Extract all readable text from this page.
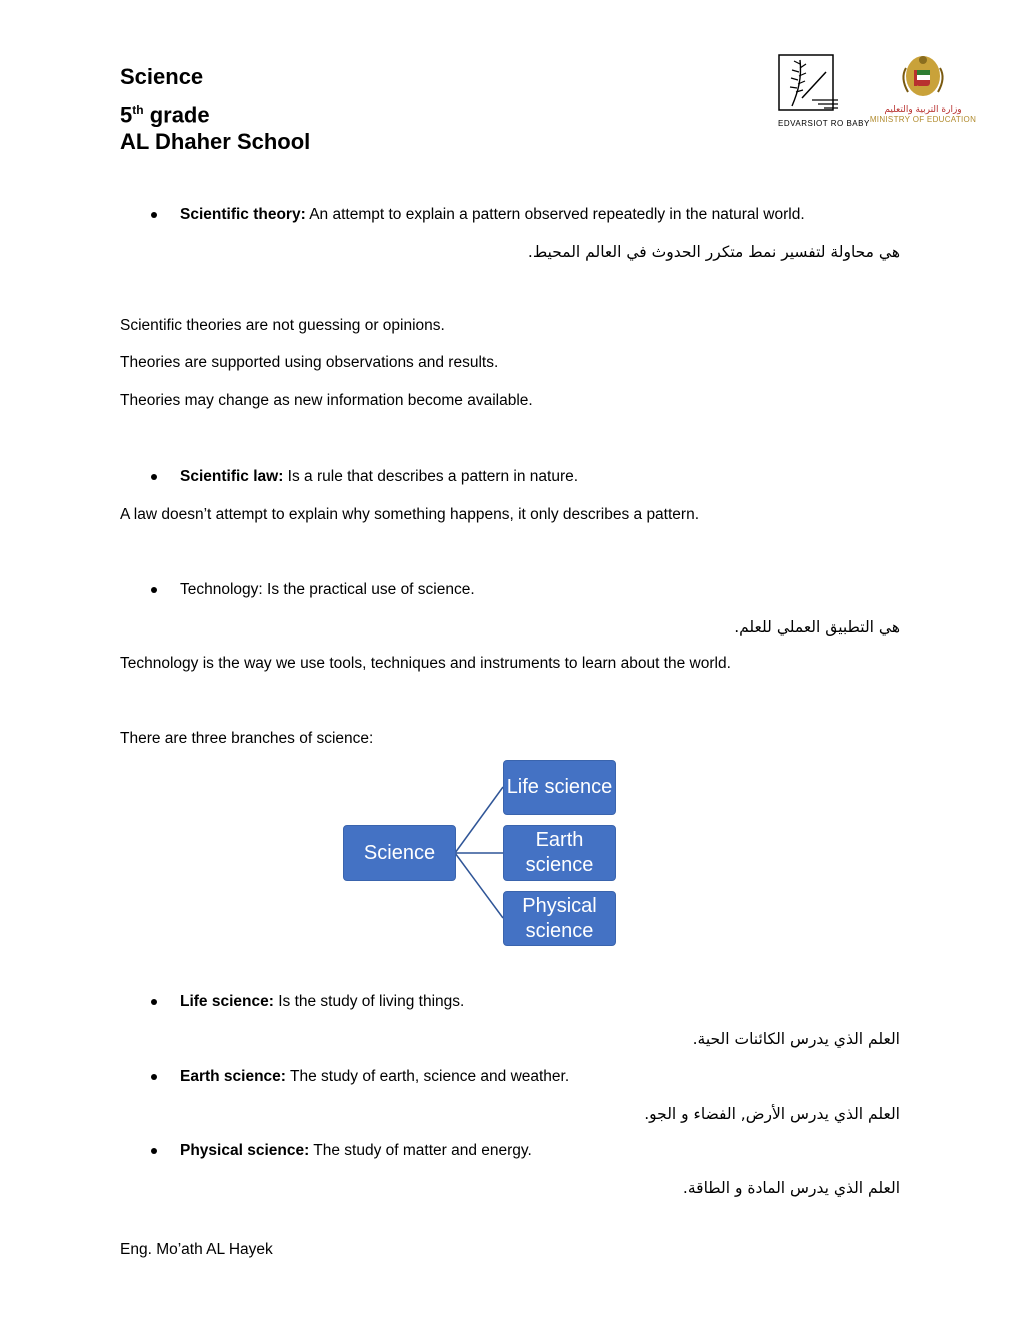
Science
5th grade
AL Dhaher School
EDVARSIOT RO BABY
وزارة التربية والتعليم
MINISTRY OF EDUCATION
Scientific theory: An attempt to explain a pattern observed repeatedly in the natural world.
هي محاولة لتفسير نمط متكرر الحدوث في العالم المحيط.
Scientific theories are not guessing or opinions.
Theories are supported using observations and results.
Theories may change as new information become available.
Scientific law: Is a rule that describes a pattern in nature.
A law doesn’t attempt to explain why something happens, it only describes a pattern.
Technology: Is the practical use of science.
هي التطبيق العملي للعلم.
Technology is the way we use tools, techniques and instruments to learn about the world.
There are three branches of science:
Science
Life science
Earth
science
Physical
science
Life science: Is the study of living things.
العلم الذي يدرس الكائنات الحية.
Earth science: The study of earth, science and weather.
العلم الذي يدرس الأرض, الفضاء و الجو.
Physical science: The study of matter and energy.
العلم الذي يدرس المادة و الطاقة.
Eng. Mo’ath AL Hayek
